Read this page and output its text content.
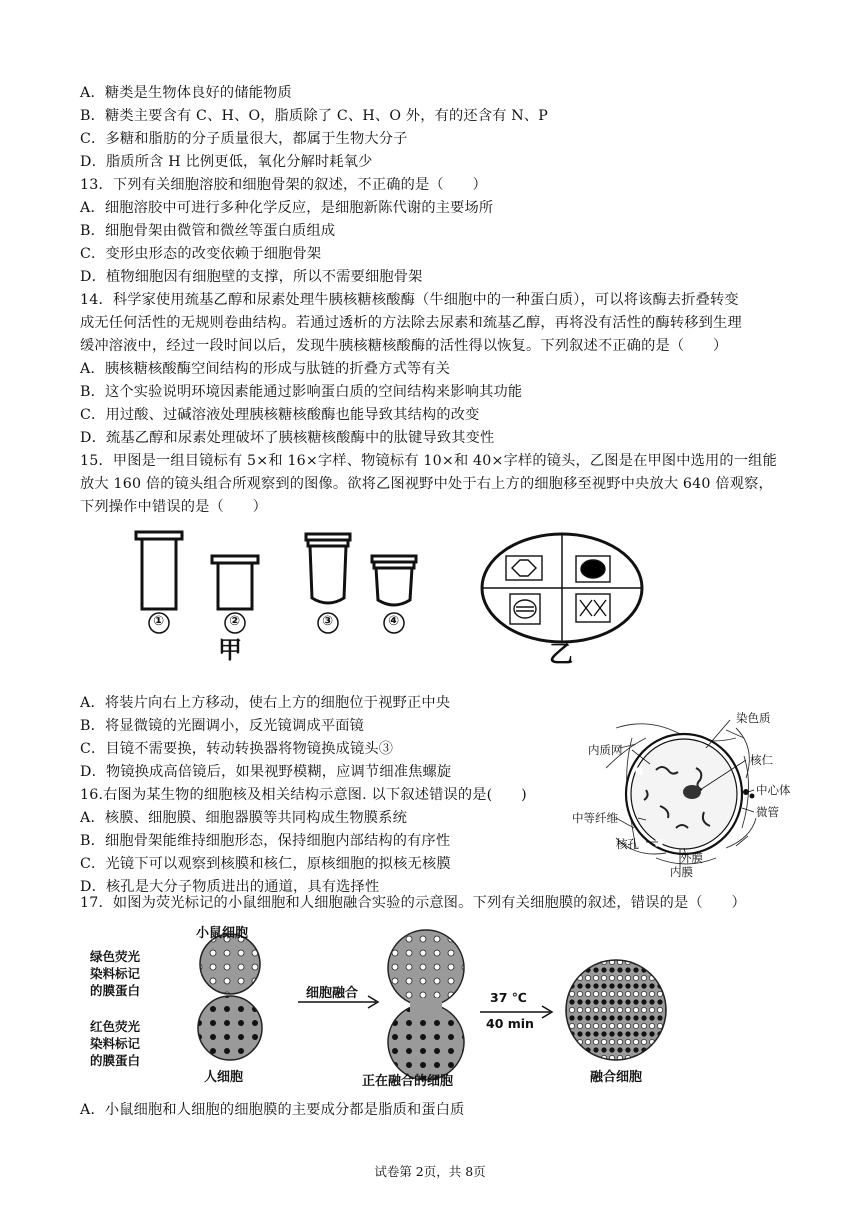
A．糖类是生物体良好的储能物质
B．糖类主要含有 C、H、O，脂质除了 C、H、O 外，有的还含有 N、P
C．多糖和脂肪的分子质量很大，都属于生物大分子
D．脂质所含 H 比例更低，氧化分解时耗氧少
13．下列有关细胞溶胶和细胞骨架的叙述，不正确的是（　　）
A．细胞溶胶中可进行多种化学反应，是细胞新陈代谢的主要场所
B．细胞骨架由微管和微丝等蛋白质组成
C．变形虫形态的改变依赖于细胞骨架
D．植物细胞因有细胞壁的支撑，所以不需要细胞骨架
14．科学家使用巯基乙醇和尿素处理牛胰核糖核酸酶（牛细胞中的一种蛋白质），可以将该酶去折叠转变
成无任何活性的无规则卷曲结构。若通过透析的方法除去尿素和巯基乙醇，再将没有活性的酶转移到生理
缓冲溶液中，经过一段时间以后，发现牛胰核糖核酸酶的活性得以恢复。下列叙述不正确的是（　　）
A．胰核糖核酸酶空间结构的形成与肽链的折叠方式等有关
B．这个实验说明环境因素能通过影响蛋白质的空间结构来影响其功能
C．用过酸、过碱溶液处理胰核糖核酸酶也能导致其结构的改变
D．巯基乙醇和尿素处理破坏了胰核糖核酸酶中的肽键导致其变性
15．甲图是一组目镜标有 5×和 16×字样、物镜标有 10×和 40×字样的镜头，乙图是在甲图中选用的一组能
放大 160 倍的镜头组合所观察到的图像。欲将乙图视野中处于右上方的细胞移至视野中央放大 640 倍观察，
下列操作中错误的是（　　）
①	②	③	④
甲	乙
A．将装片向右上方移动，使右上方的细胞位于视野正中央
B．将显微镜的光圈调小，反光镜调成平面镜
C．目镜不需要换，转动转换器将物镜换成镜头③
D．物镜换成高倍镜后，如果视野模糊，应调节细准焦螺旋
16.右图为某生物的细胞核及相关结构示意图. 以下叙述错误的是(　　)
A．核膜、细胞膜、细胞器膜等共同构成生物膜系统
B．细胞骨架能维持细胞形态，保持细胞内部结构的有序性
C．光镜下可以观察到核膜和核仁，原核细胞的拟核无核膜
D．核孔是大分子物质进出的通道，具有选择性
染色质
内质网
核仁
中心体
微管
中等纤维
核孔
外膜
内膜
17．如图为荧光标记的小鼠细胞和人细胞融合实验的示意图。下列有关细胞膜的叙述，错误的是（　　）
小鼠细胞
绿色荧光
染料标记
的膜蛋白
红色荧光
染料标记
的膜蛋白
人细胞
细胞融合
正在融合的细胞
37 ℃
40 min
融合细胞
A．小鼠细胞和人细胞的细胞膜的主要成分都是脂质和蛋白质
试卷第 2页，共 8页
